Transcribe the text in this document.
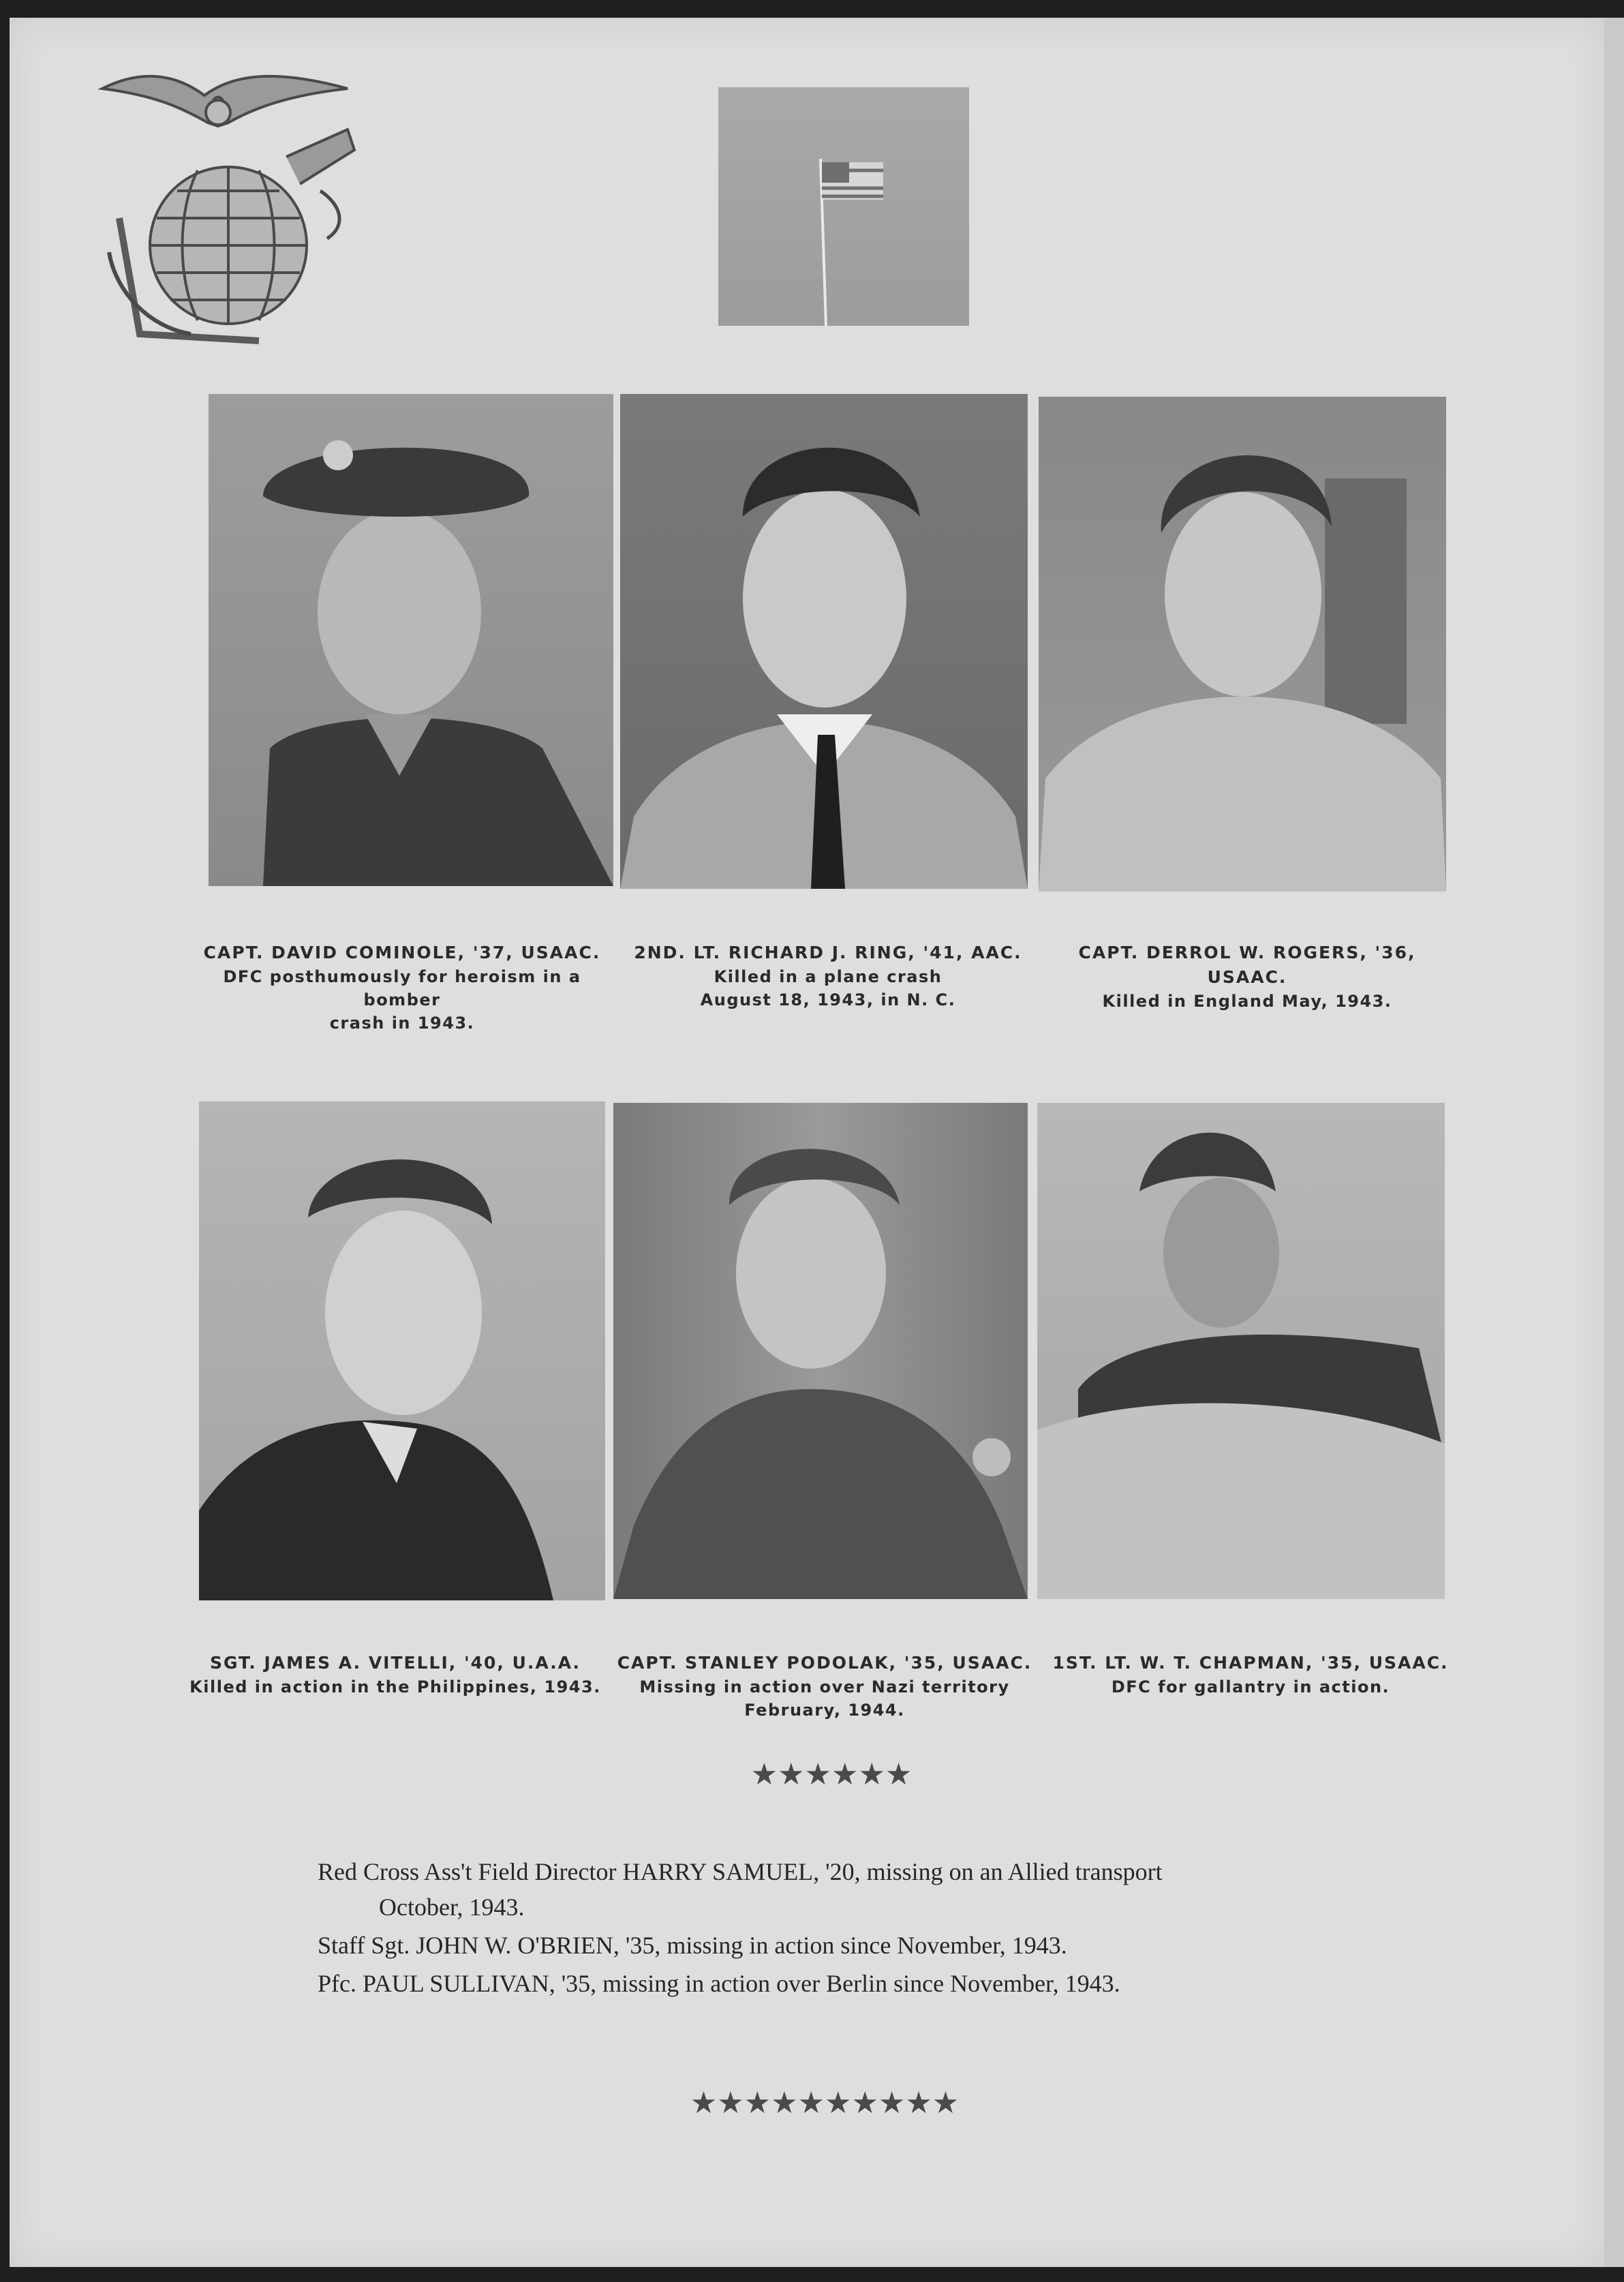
CAPT. DAVID COMINOLE, '37, USAAC.
DFC posthumously for heroism in a bomber
crash in 1943.
2ND. LT. RICHARD J. RING, '41, AAC.
Killed in a plane crash
August 18, 1943, in N. C.
CAPT. DERROL W. ROGERS, '36, USAAC.
Killed in England May, 1943.
SGT. JAMES A. VITELLI, '40, U.A.A.
Killed in action in the Philippines, 1943.
CAPT. STANLEY PODOLAK, '35, USAAC.
Missing in action over Nazi territory
February, 1944.
1ST. LT. W. T. CHAPMAN, '35, USAAC.
DFC for gallantry in action.
★★★★★★
Red Cross Ass't Field Director HARRY SAMUEL, '20, missing on an Allied transport
October, 1943.
Staff Sgt. JOHN W. O'BRIEN, '35, missing in action since November, 1943.
Pfc. PAUL SULLIVAN, '35, missing in action over Berlin since November, 1943.
★★★★★★★★★★
